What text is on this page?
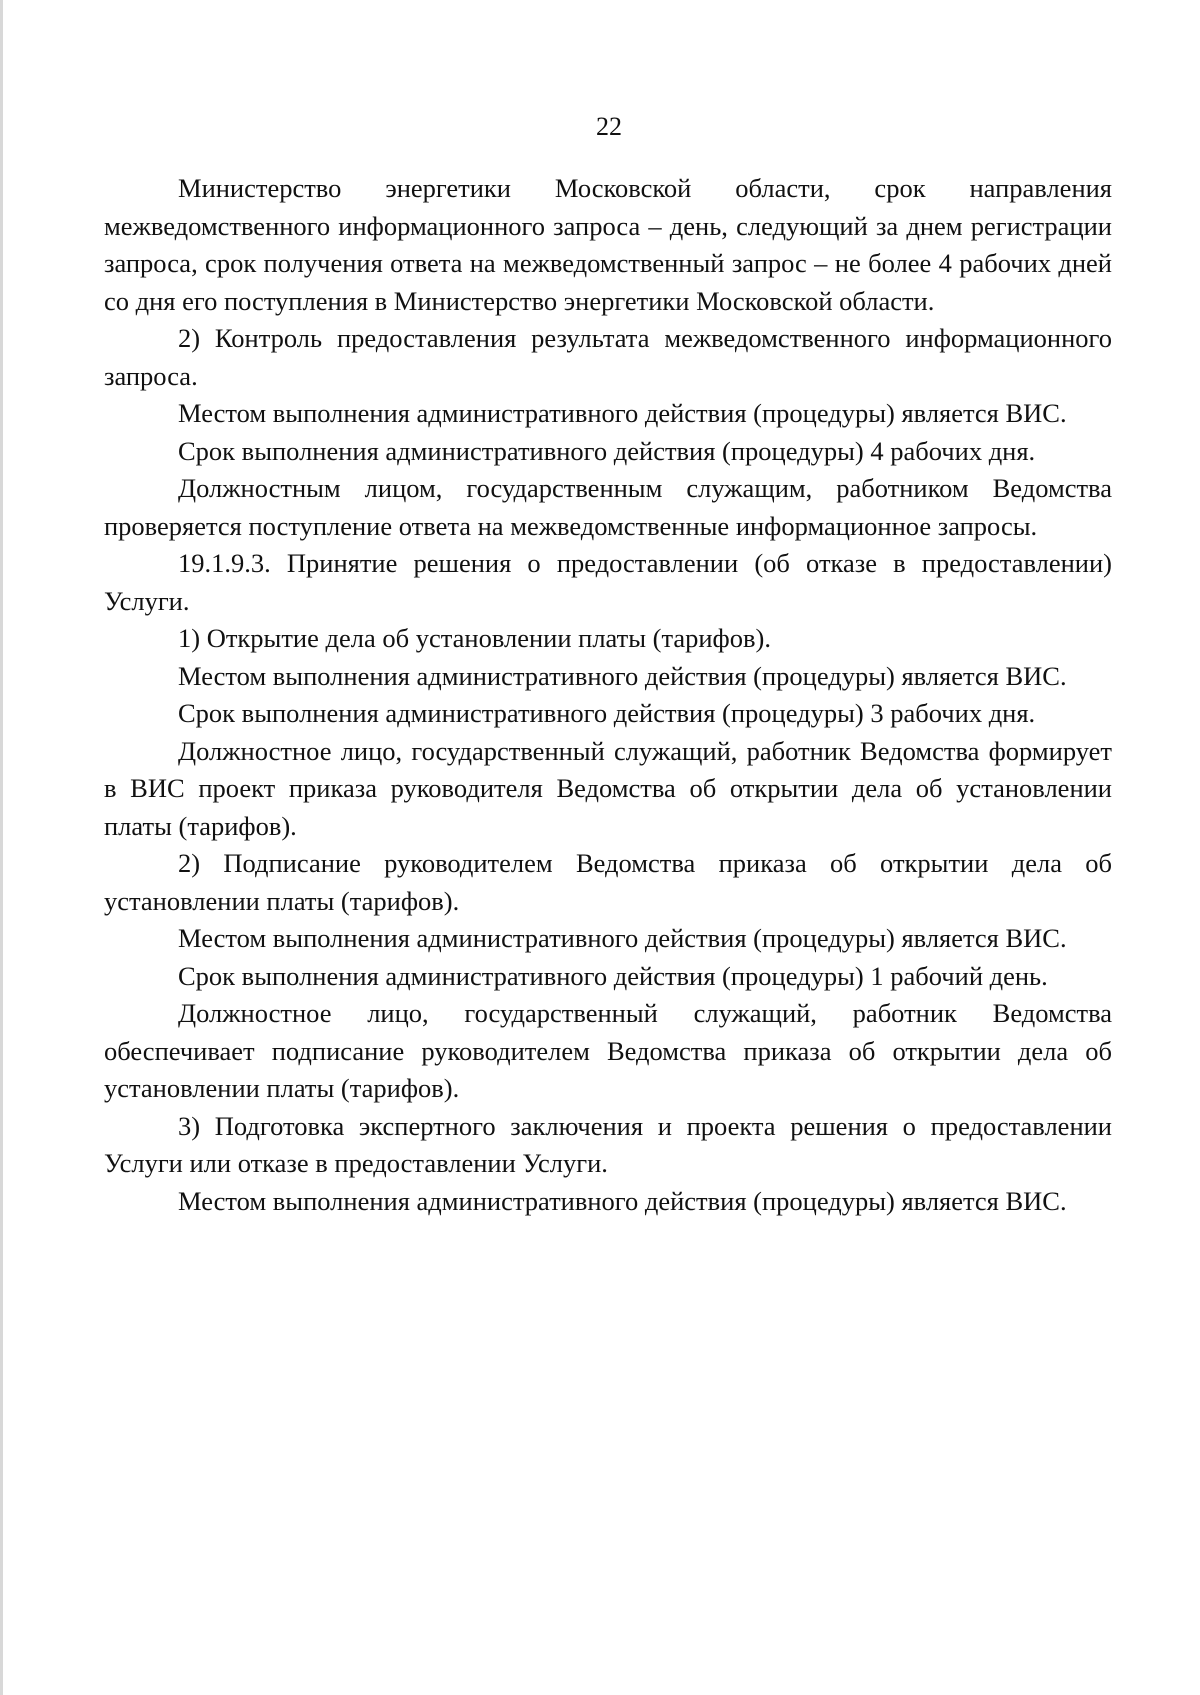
22

Министерство энергетики Московской области, срок направления межведомственного информационного запроса – день, следующий за днем регистрации запроса, срок получения ответа на межведомственный запрос – не более 4 рабочих дней со дня его поступления в Министерство энергетики Московской области.

2) Контроль предоставления результата межведомственного информационного запроса.

Местом выполнения административного действия (процедуры) является ВИС.

Срок выполнения административного действия (процедуры) 4 рабочих дня.

Должностным лицом, государственным служащим, работником Ведомства проверяется поступление ответа на межведомственные информационное запросы.

19.1.9.3. Принятие решения о предоставлении (об отказе в предоставлении) Услуги.

1) Открытие дела об установлении платы (тарифов).

Местом выполнения административного действия (процедуры) является ВИС.

Срок выполнения административного действия (процедуры) 3 рабочих дня.

Должностное лицо, государственный служащий, работник Ведомства формирует в ВИС проект приказа руководителя Ведомства об открытии дела об установлении платы (тарифов).

2) Подписание руководителем Ведомства приказа об открытии дела об установлении платы (тарифов).

Местом выполнения административного действия (процедуры) является ВИС.

Срок выполнения административного действия (процедуры) 1 рабочий день.

Должностное лицо, государственный служащий, работник Ведомства обеспечивает подписание руководителем Ведомства приказа об открытии дела об установлении платы (тарифов).

3) Подготовка экспертного заключения и проекта решения о предоставлении Услуги или отказе в предоставлении Услуги.

Местом выполнения административного действия (процедуры) является ВИС.
